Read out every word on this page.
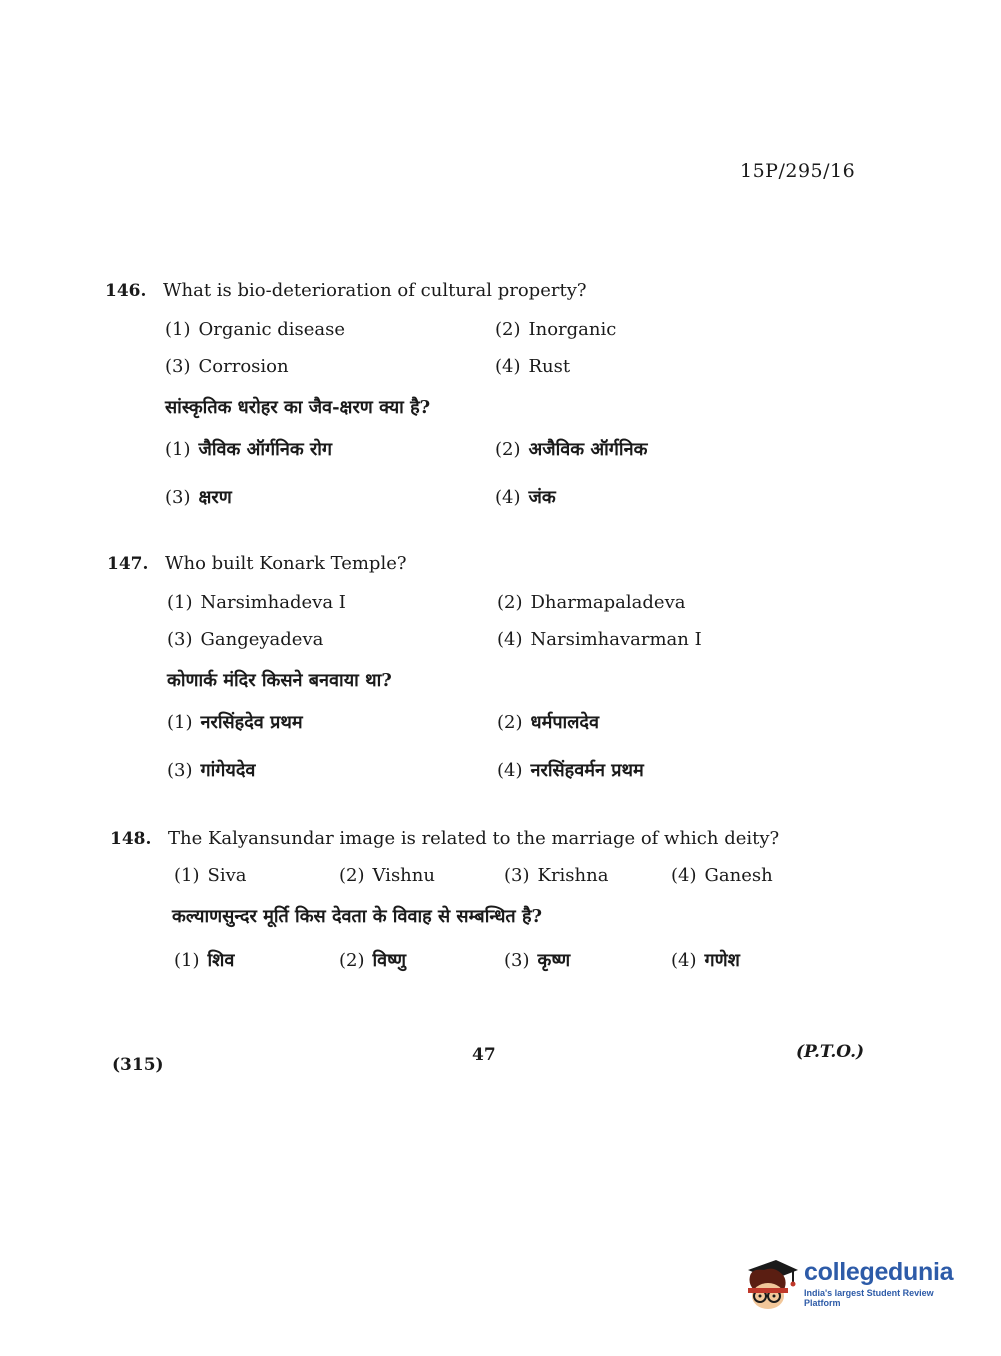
15P/295/16
146. What is bio-deterioration of cultural property?
(1) Organic disease	(2) Inorganic
(3) Corrosion	(4) Rust
सांस्कृतिक धरोहर का जैव-क्षरण क्या है?
(1) जैविक ऑर्गनिक रोग	(2) अजैविक ऑर्गनिक
(3) क्षरण	(4) जंक
147. Who built Konark Temple?
(1) Narsimhadeva I	(2) Dharmapaladeva
(3) Gangeyadeva	(4) Narsimhavarman I
कोणार्क मंदिर किसने बनवाया था?
(1) नरसिंहदेव प्रथम	(2) धर्मपालदेव
(3) गांगेयदेव	(4) नरसिंहवर्मन प्रथम
148. The Kalyansundar image is related to the marriage of which deity?
(1) Siva	(2) Vishnu	(3) Krishna	(4) Ganesh
कल्याणसुन्दर मूर्ति किस देवता के विवाह से सम्बन्धित है?
(1) शिव	(2) विष्णु	(3) कृष्ण	(4) गणेश
(315)	47	(P.T.O.)
collegedunia
India's largest Student Review Platform
